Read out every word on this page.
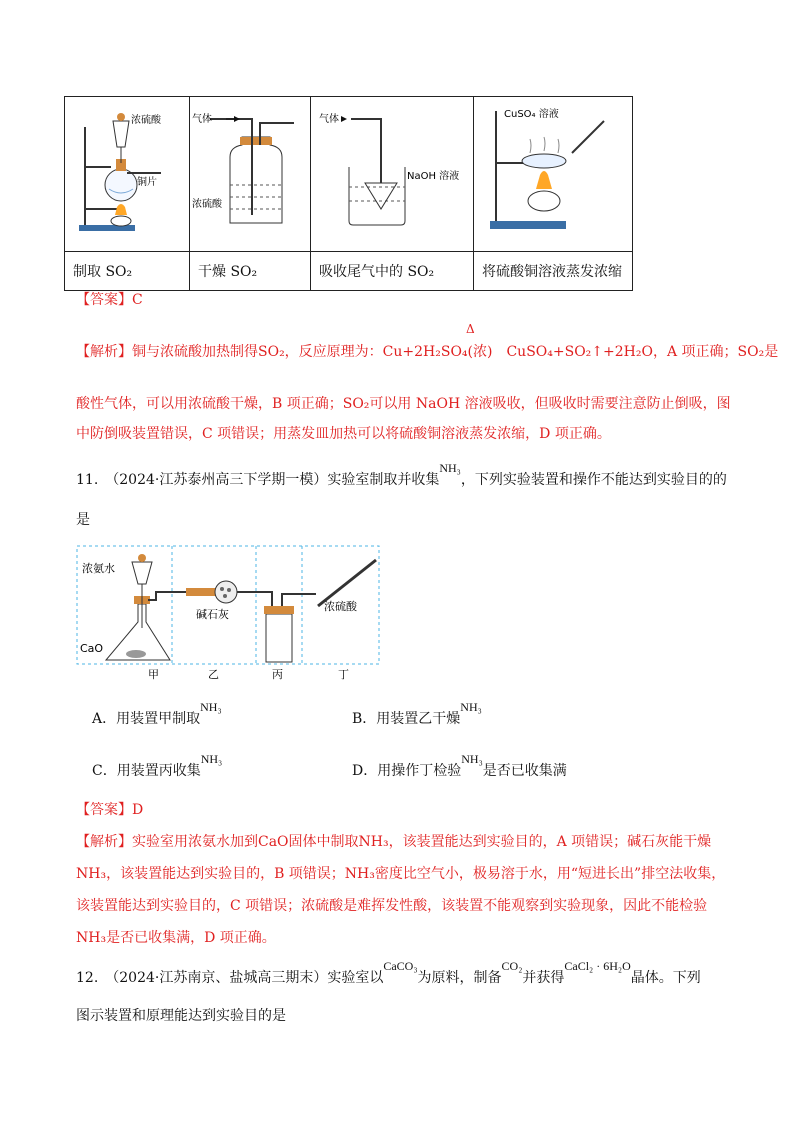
浓硫酸
铜片	气体
浓硫酸	气体
NaOH 溶液	CuSO₄ 溶液

制取 SO₂	干燥 SO₂	吸收尾气中的 SO₂	将硫酸铜溶液蒸发浓缩
【答案】C
Δ
【解析】铜与浓硫酸加热制得SO₂，反应原理为：Cu+2H₂SO₄(浓)　CuSO₄+SO₂↑+2H₂O，A 项正确；SO₂是
酸性气体，可以用浓硫酸干燥，B 项正确；SO₂可以用 NaOH 溶液吸收，但吸收时需要注意防止倒吸，图
中防倒吸装置错误，C 项错误；用蒸发皿加热可以将硫酸铜溶液蒸发浓缩，D 项正确。
11.　（2024·江苏泰州高三下学期一模）实验室制取并收集NH₃，下列实验装置和操作不能达到实验目的的
是
浓氨水
碱石灰
浓硫酸
CaO
甲	乙	丙	丁
A．用装置甲制取NH₃
B．用装置乙干燥NH₃
C．用装置丙收集NH₃
D．用操作丁检验NH₃是否已收集满
【答案】D
【解析】实验室用浓氨水加到CaO固体中制取NH₃，该装置能达到实验目的，A 项错误；碱石灰能干燥
NH₃，该装置能达到实验目的，B 项错误；NH₃密度比空气小，极易溶于水，用“短进长出”排空法收集，
该装置能达到实验目的，C 项错误；浓硫酸是难挥发性酸，该装置不能观察到实验现象，因此不能检验
NH₃是否已收集满，D 项正确。
12.　（2024·江苏南京、盐城高三期末）实验室以CaCO₃为原料，制备CO₂并获得CaCl₂ · 6H₂O晶体。下列
图示装置和原理能达到实验目的是
